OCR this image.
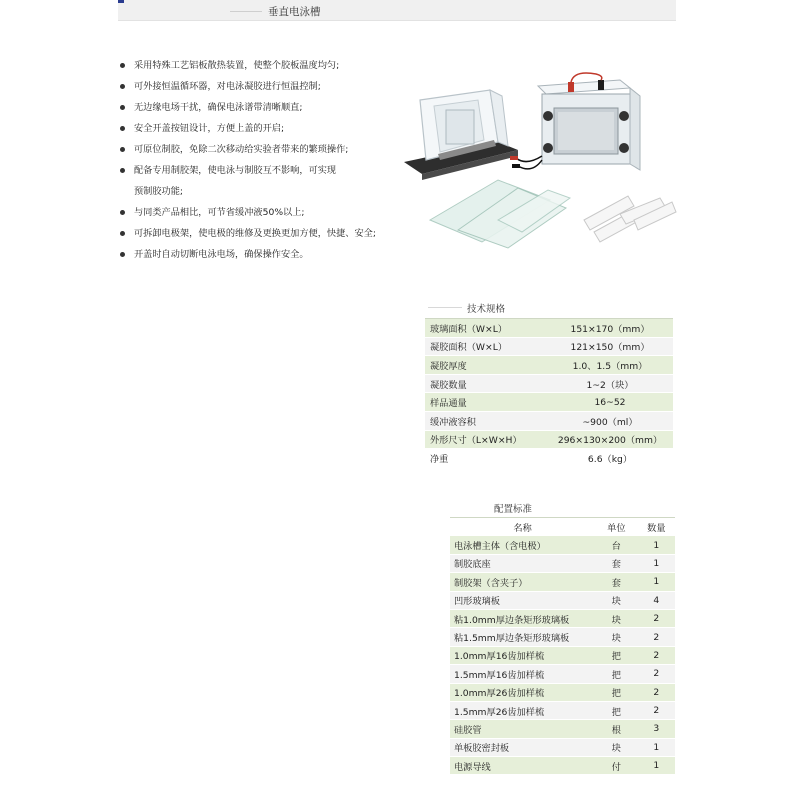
垂直电泳槽
采用特殊工艺铝板散热装置，使整个胶板温度均匀;
可外接恒温循环器，对电泳凝胶进行恒温控制;
无边缘电场干扰，确保电泳谱带清晰顺直;
安全开盖按钮设计，方便上盖的开启;
可原位制胶，免除二次移动给实验者带来的繁琐操作;
配备专用制胶架，使电泳与制胶互不影响，可实现
预制胶功能;
与同类产品相比，可节省缓冲液50%以上;
可拆卸电极架，使电极的维修及更换更加方便，快捷、安全;
开盖时自动切断电泳电场，确保操作安全。
技术规格
玻璃面积（W×L）	151×170（mm）
凝胶面积（W×L）	121×150（mm）
凝胶厚度	1.0、1.5（mm）
凝胶数量	1~2（块）
样品通量	16~52
缓冲液容积	~900（ml）
外形尺寸（L×W×H）	296×130×200（mm）
净重	6.6（kg）
配置标准
名称	单位	数量
电泳槽主体（含电极）	台	1
制胶底座	套	1
制胶架（含夹子）	套	1
凹形玻璃板	块	4
粘1.0mm厚边条矩形玻璃板	块	2
粘1.5mm厚边条矩形玻璃板	块	2
1.0mm厚16齿加样梳	把	2
1.5mm厚16齿加样梳	把	2
1.0mm厚26齿加样梳	把	2
1.5mm厚26齿加样梳	把	2
硅胶管	根	3
单板胶密封板	块	1
电源导线	付	1
